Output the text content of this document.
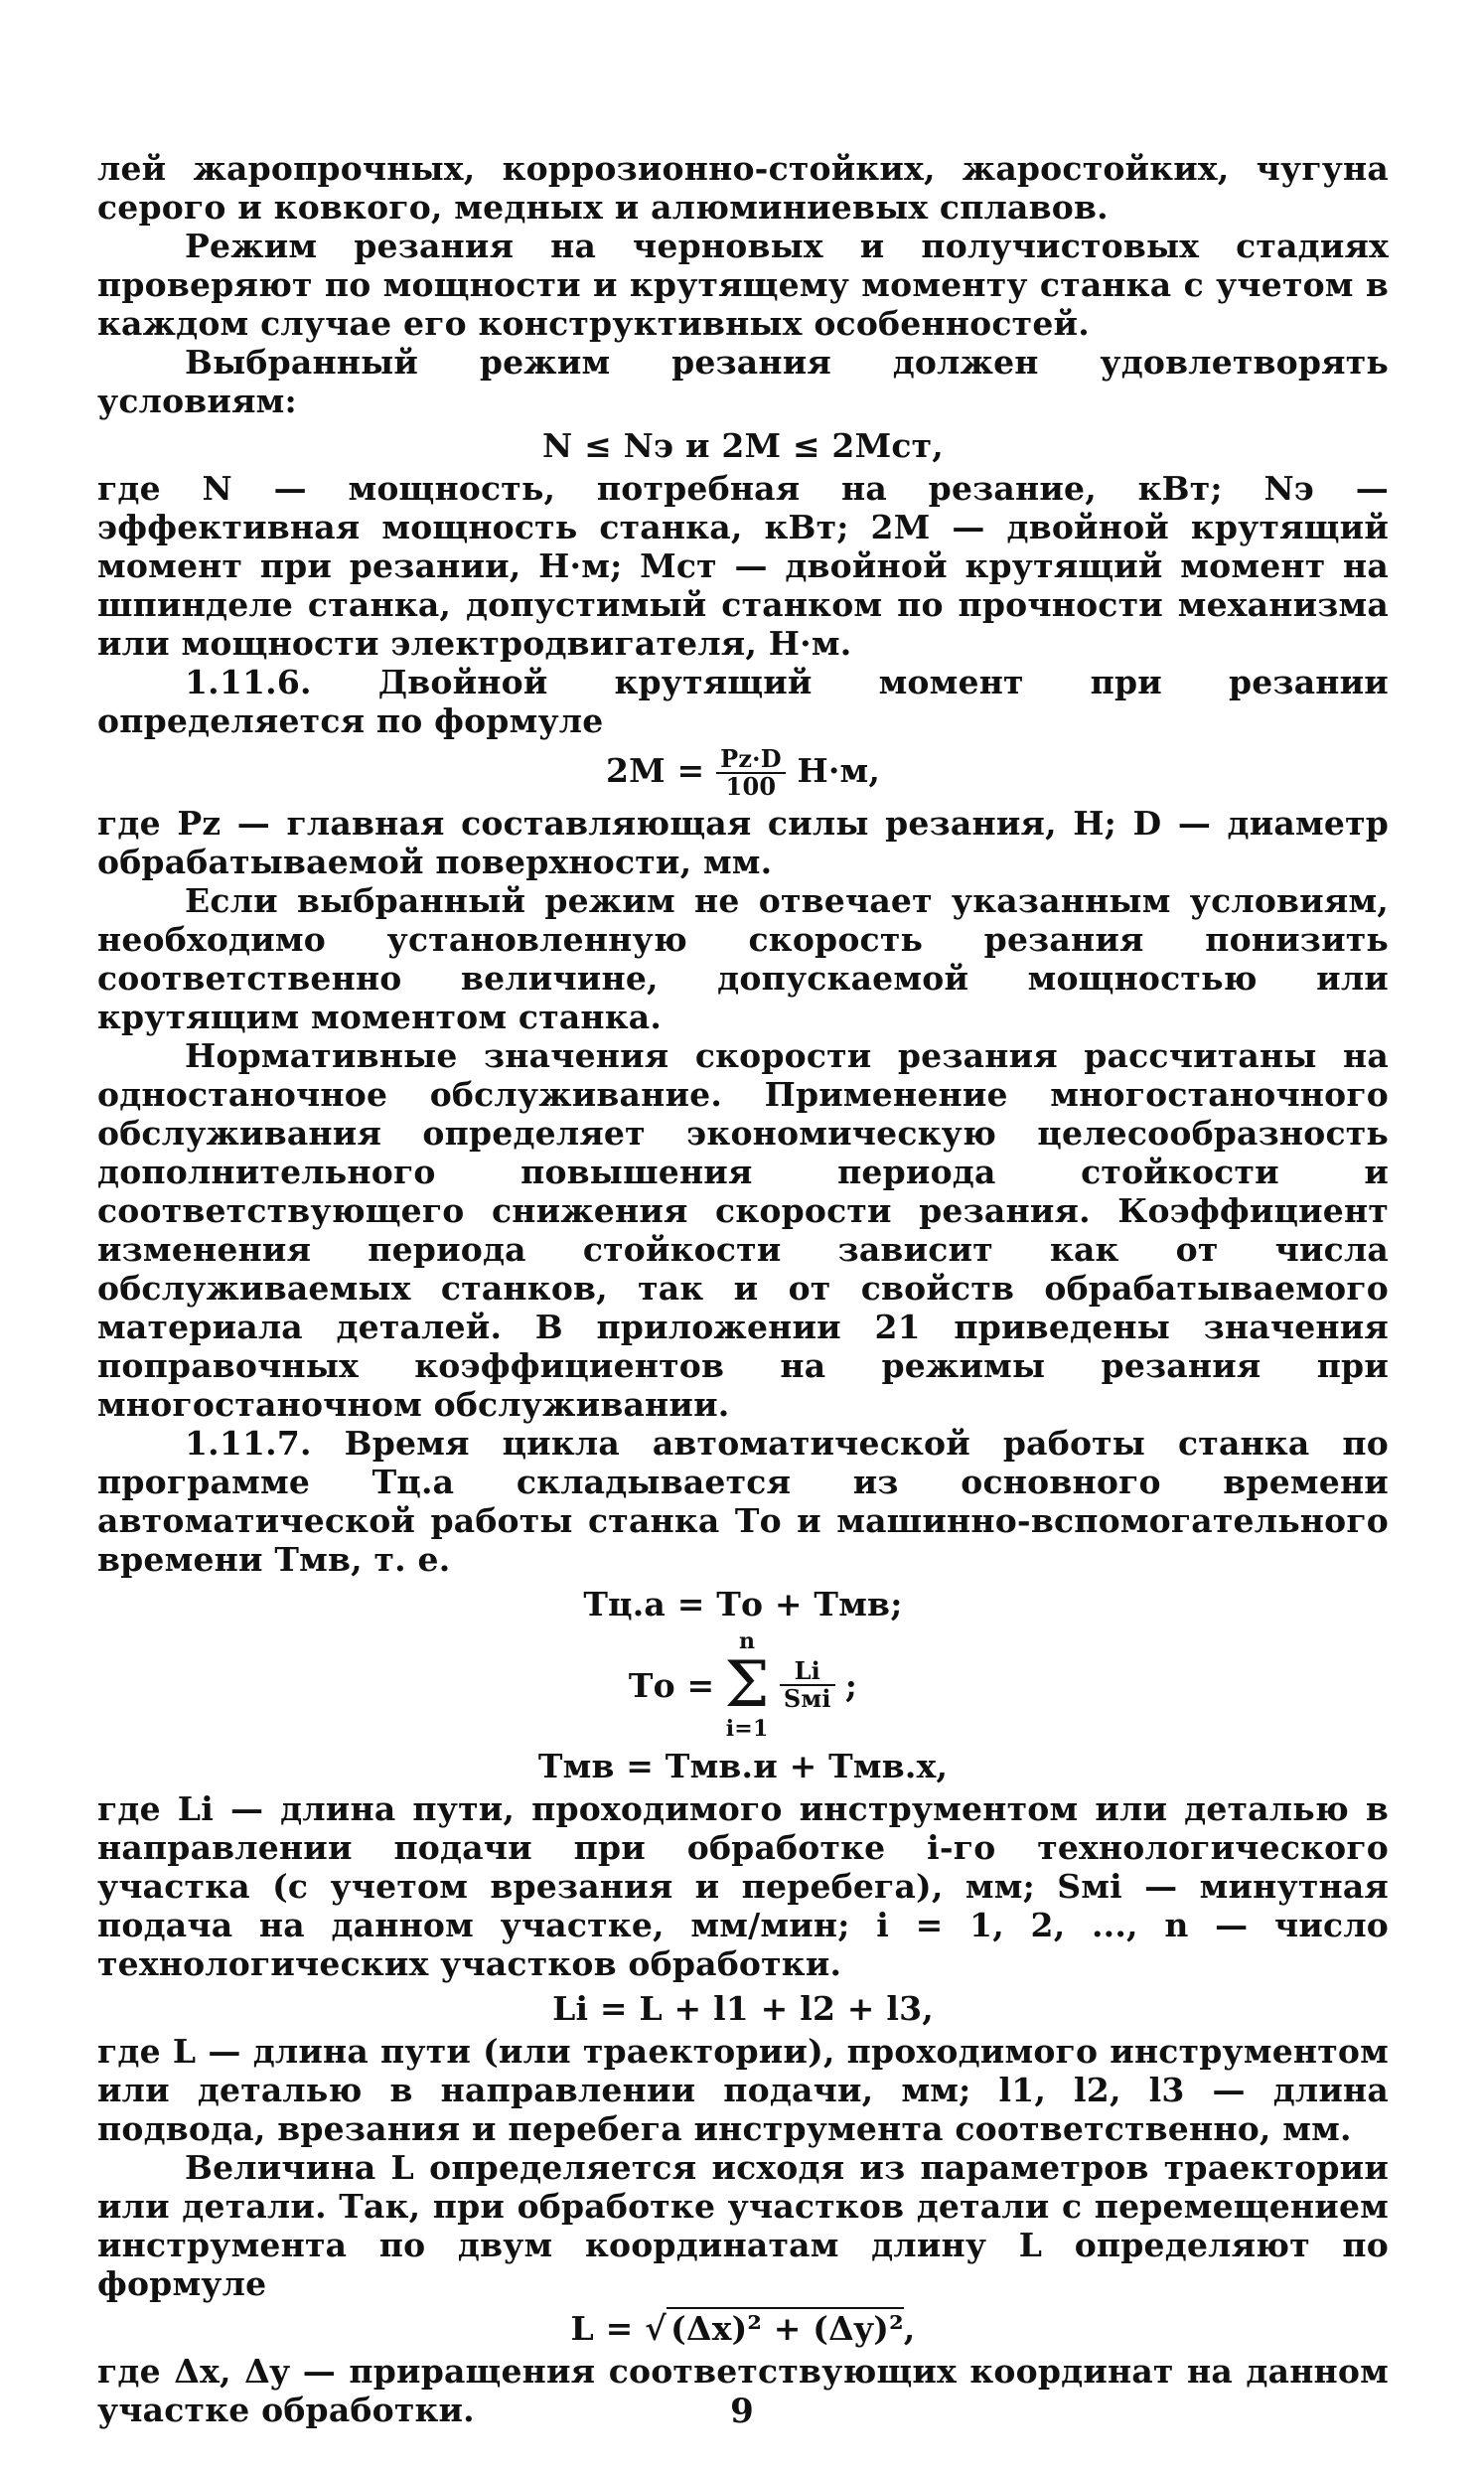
лей жаропрочных, коррозионно-стойких, жаростойких, чугуна серого и ковкого, медных и алюминиевых сплавов.

Режим резания на черновых и получистовых стадиях проверяют по мощности и крутящему моменту станка с учетом в каждом случае его конструктивных особенностей.

Выбранный режим резания должен удовлетворять условиям:

N ≤ Nэ и 2M ≤ 2Mст,

где N — мощность, потребная на резание, кВт; Nэ — эффективная мощность станка, кВт; 2М — двойной крутящий момент при резании, Н·м; Мст — двойной крутящий момент на шпинделе станка, допустимый станком по прочности механизма или мощности электродвигателя, Н·м.

1.11.6. Двойной крутящий момент при резании определяется по формуле

$2M = \frac{Pz\cdot D}{100} Н\cdot м$,

где Pz — главная составляющая силы резания, Н; D — диаметр обрабатываемой поверхности, мм.

Если выбранный режим не отвечает указанным условиям, необходимо установленную скорость резания понизить соответственно величине, допускаемой мощностью или крутящим моментом станка.

Нормативные значения скорости резания рассчитаны на одностаночное обслуживание. Применение многостаночного обслуживания определяет экономическую целесообразность дополнительного повышения периода стойкости и соответствующего снижения скорости резания. Коэффициент изменения периода стойкости зависит как от числа обслуживаемых станков, так и от свойств обрабатываемого материала деталей. В приложении 21 приведены значения поправочных коэффициентов на режимы резания при многостаночном обслуживании.

1.11.7. Время цикла автоматической работы станка по программе Тц.а складывается из основного времени автоматической работы станка То и машинно-вспомогательного времени Тмв, т. е.

Тц.а = То + Тмв;
То =
n
Σ
i=1
$\frac{Li}{\text{Sмi}}$ ;
Тмв = Тмв.и + Тмв.х,

где Li — длина пути, проходимого инструментом или деталью в направлении подачи при обработке i-го технологического участка (с учетом врезания и перебега), мм; Sмi — минутная подача на данном участке, мм/мин; i = 1, 2, ..., n — число технологических участков обработки.

Li = L + l1 + l2 + l3,

где L — длина пути (или траектории), проходимого инструментом или деталью в направлении подачи, мм; l1, l2, l3 — длина подвода, врезания и перебега инструмента соответственно, мм.

Величина L определяется исходя из параметров траектории или детали. Так, при обработке участков детали с перемещением инструмента по двум координатам длину L определяют по формуле

L = √ (Δx)² + (Δy)²,

где Δx, Δy — приращения соответствующих координат на данном участке обработки.	9
